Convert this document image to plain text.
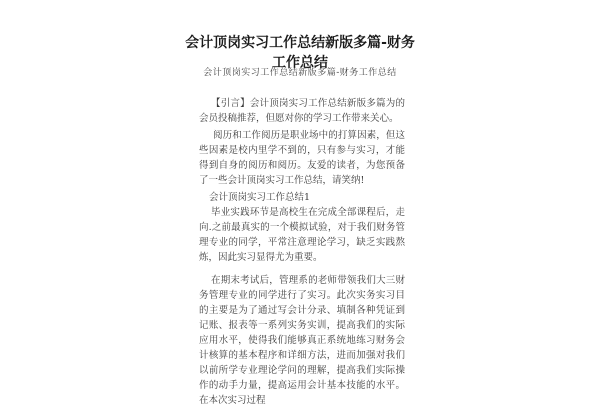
会计顶岗实习工作总结新版多篇-财务工作总结

会计顶岗实习工作总结新版多篇-财务工作总结

【引言】会计顶岗实习工作总结新版多篇为的会员投稿推荐，但愿对你的学习工作带来关心。

阅历和工作阅历是职业场中的打算因素，但这些因素是校内里学不到的，只有参与实习，才能得到自身的阅历和阅历。友爱的读者，为您预备了一些会计顶岗实习工作总结，请笑纳!

会计顶岗实习工作总结1

毕业实践环节是高校生在完成全部课程后，走向.之前最真实的一个模拟试验，对于我们财务管理专业的同学，平常注意理论学习，缺乏实践熬炼，因此实习显得尤为重要。

在期末考试后，管理系的老师带领我们大三财务管理专业的同学进行了实习。此次实务实习目的主要是为了通过写会计分录、填制各种凭证到记账、报表等一系列实务实训，提高我们的实际应用水平，使得我们能够真正系统地练习财务会计核算的基本程序和详细方法，进而加强对我们以前所学专业理论学问的理解，提高我们实际操作的动手力量，提高运用会计基本技能的水平。在本次实习过程
